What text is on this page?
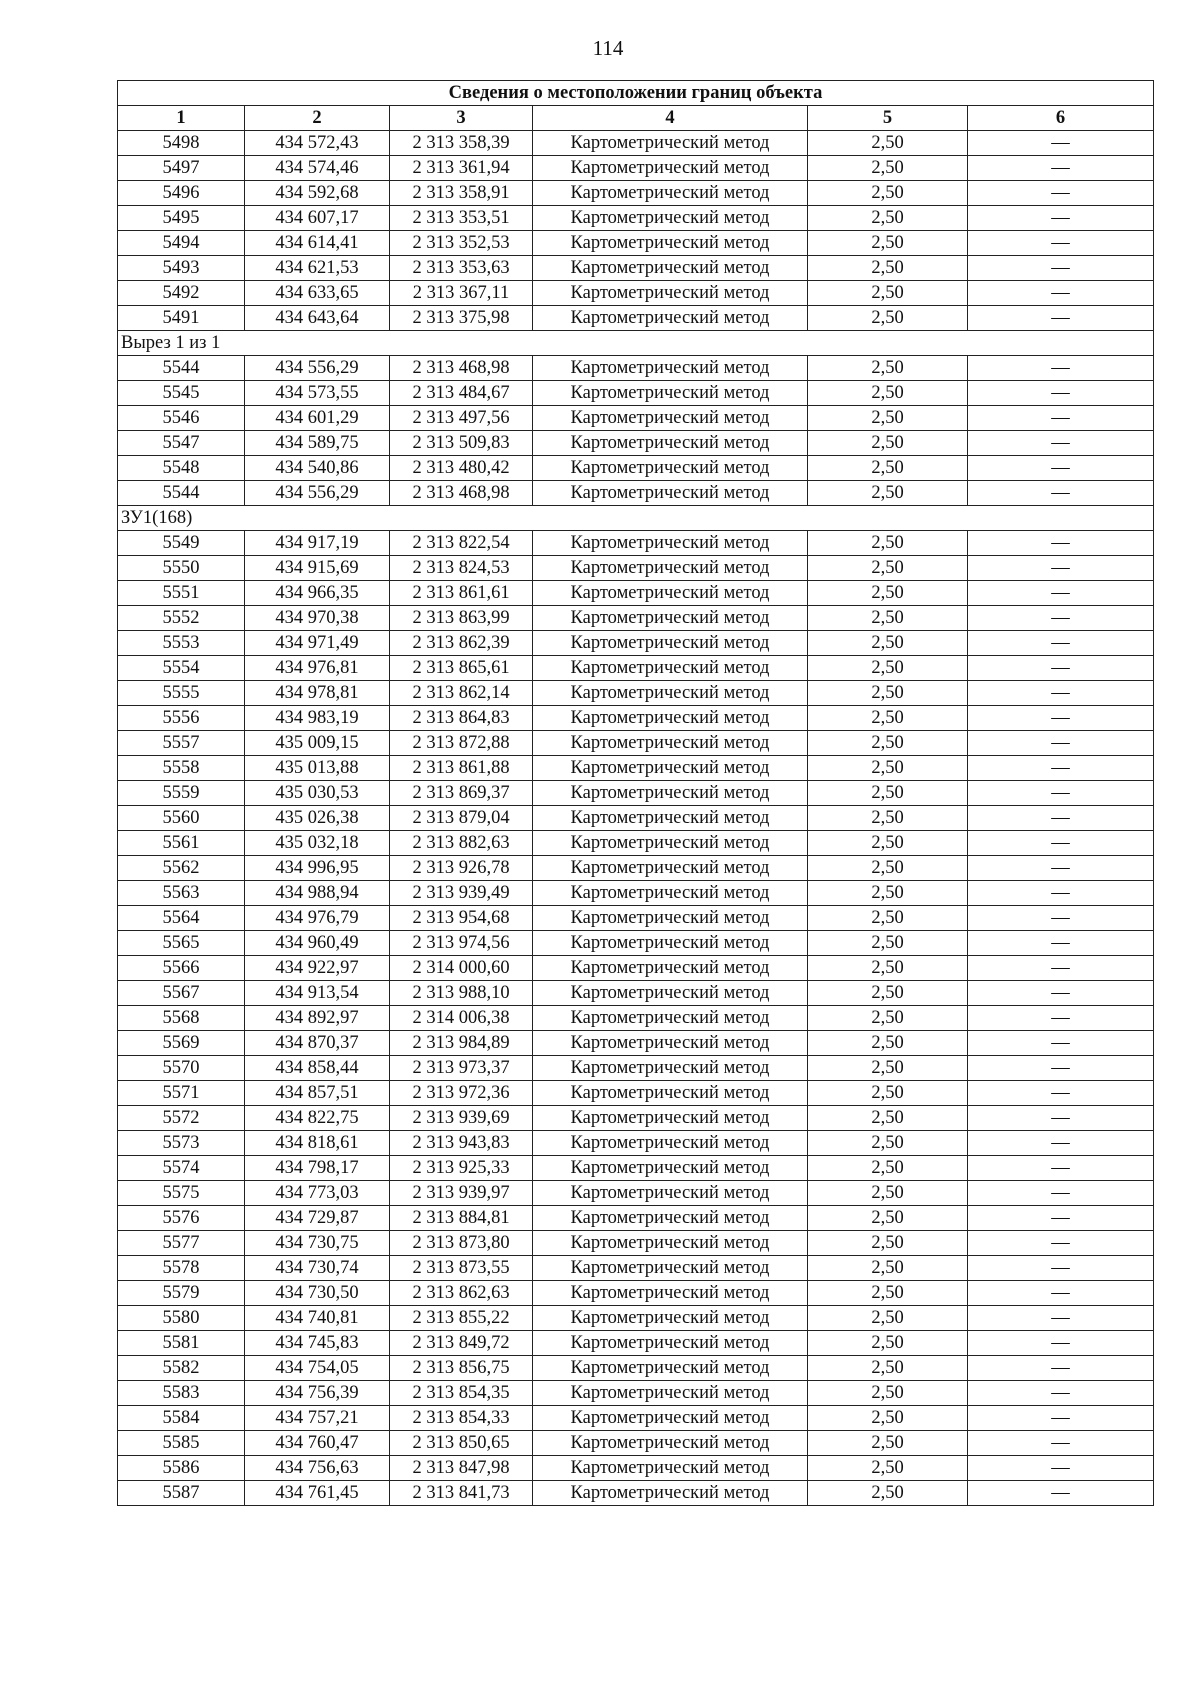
114
Сведения о местоположении границ объекта					
1	2	3	4	5	6
5498	434 572,43	2 313 358,39	Картометрический метод	2,50	—
5497	434 574,46	2 313 361,94	Картометрический метод	2,50	—
5496	434 592,68	2 313 358,91	Картометрический метод	2,50	—
5495	434 607,17	2 313 353,51	Картометрический метод	2,50	—
5494	434 614,41	2 313 352,53	Картометрический метод	2,50	—
5493	434 621,53	2 313 353,63	Картометрический метод	2,50	—
5492	434 633,65	2 313 367,11	Картометрический метод	2,50	—
5491	434 643,64	2 313 375,98	Картометрический метод	2,50	—
Вырез 1 из 1					
5544	434 556,29	2 313 468,98	Картометрический метод	2,50	—
5545	434 573,55	2 313 484,67	Картометрический метод	2,50	—
5546	434 601,29	2 313 497,56	Картометрический метод	2,50	—
5547	434 589,75	2 313 509,83	Картометрический метод	2,50	—
5548	434 540,86	2 313 480,42	Картометрический метод	2,50	—
5544	434 556,29	2 313 468,98	Картометрический метод	2,50	—
ЗУ1(168)					
5549	434 917,19	2 313 822,54	Картометрический метод	2,50	—
5550	434 915,69	2 313 824,53	Картометрический метод	2,50	—
5551	434 966,35	2 313 861,61	Картометрический метод	2,50	—
5552	434 970,38	2 313 863,99	Картометрический метод	2,50	—
5553	434 971,49	2 313 862,39	Картометрический метод	2,50	—
5554	434 976,81	2 313 865,61	Картометрический метод	2,50	—
5555	434 978,81	2 313 862,14	Картометрический метод	2,50	—
5556	434 983,19	2 313 864,83	Картометрический метод	2,50	—
5557	435 009,15	2 313 872,88	Картометрический метод	2,50	—
5558	435 013,88	2 313 861,88	Картометрический метод	2,50	—
5559	435 030,53	2 313 869,37	Картометрический метод	2,50	—
5560	435 026,38	2 313 879,04	Картометрический метод	2,50	—
5561	435 032,18	2 313 882,63	Картометрический метод	2,50	—
5562	434 996,95	2 313 926,78	Картометрический метод	2,50	—
5563	434 988,94	2 313 939,49	Картометрический метод	2,50	—
5564	434 976,79	2 313 954,68	Картометрический метод	2,50	—
5565	434 960,49	2 313 974,56	Картометрический метод	2,50	—
5566	434 922,97	2 314 000,60	Картометрический метод	2,50	—
5567	434 913,54	2 313 988,10	Картометрический метод	2,50	—
5568	434 892,97	2 314 006,38	Картометрический метод	2,50	—
5569	434 870,37	2 313 984,89	Картометрический метод	2,50	—
5570	434 858,44	2 313 973,37	Картометрический метод	2,50	—
5571	434 857,51	2 313 972,36	Картометрический метод	2,50	—
5572	434 822,75	2 313 939,69	Картометрический метод	2,50	—
5573	434 818,61	2 313 943,83	Картометрический метод	2,50	—
5574	434 798,17	2 313 925,33	Картометрический метод	2,50	—
5575	434 773,03	2 313 939,97	Картометрический метод	2,50	—
5576	434 729,87	2 313 884,81	Картометрический метод	2,50	—
5577	434 730,75	2 313 873,80	Картометрический метод	2,50	—
5578	434 730,74	2 313 873,55	Картометрический метод	2,50	—
5579	434 730,50	2 313 862,63	Картометрический метод	2,50	—
5580	434 740,81	2 313 855,22	Картометрический метод	2,50	—
5581	434 745,83	2 313 849,72	Картометрический метод	2,50	—
5582	434 754,05	2 313 856,75	Картометрический метод	2,50	—
5583	434 756,39	2 313 854,35	Картометрический метод	2,50	—
5584	434 757,21	2 313 854,33	Картометрический метод	2,50	—
5585	434 760,47	2 313 850,65	Картометрический метод	2,50	—
5586	434 756,63	2 313 847,98	Картометрический метод	2,50	—
5587	434 761,45	2 313 841,73	Картометрический метод	2,50	—
